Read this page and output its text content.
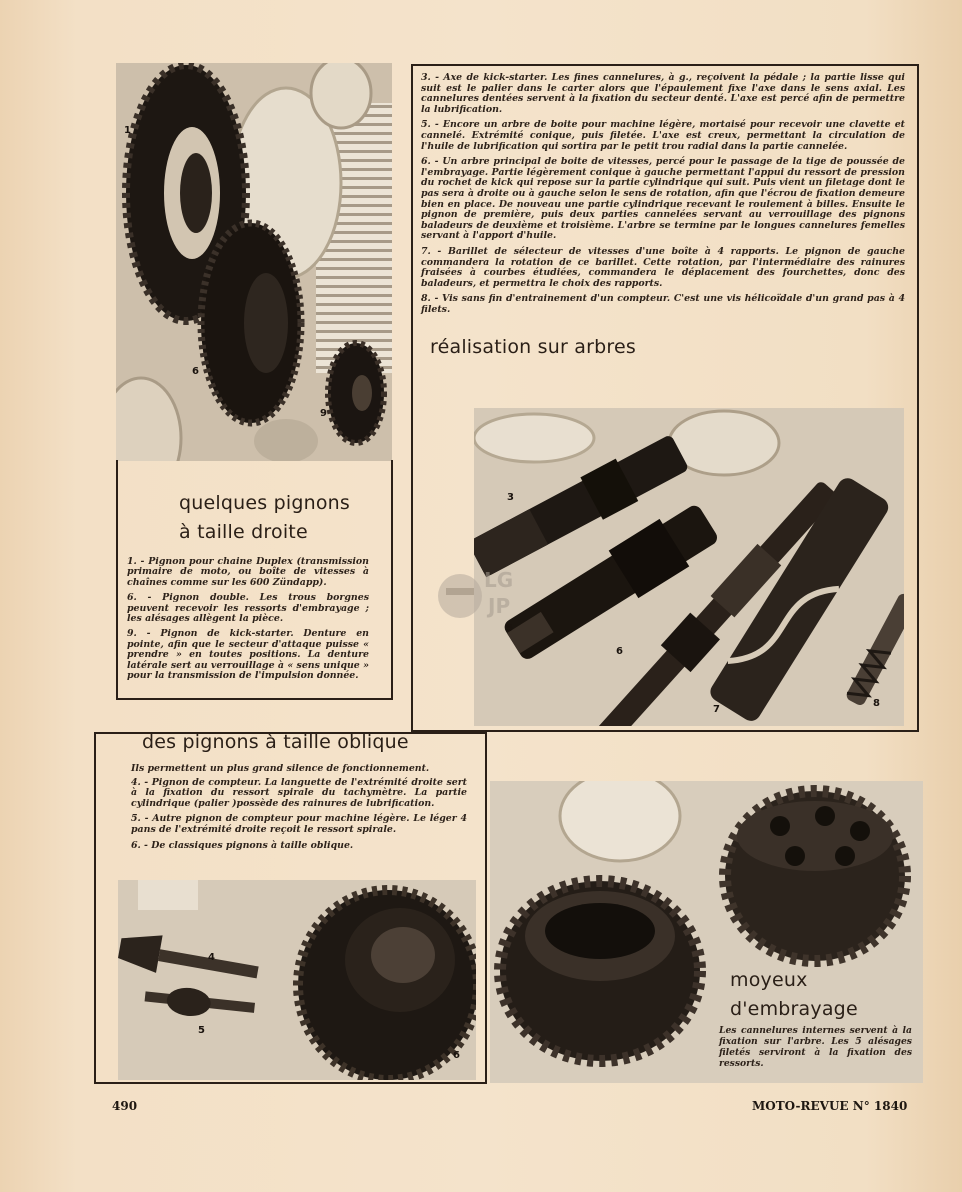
1
6
9
quelques pignons
à taille droite

1. - Pignon pour chaine Duplex (transmission primaire de moto, ou boîte de vitesses à chaînes comme sur les 600 Zündapp).

6. - Pignon double. Les trous borgnes peuvent recevoir les ressorts d'embrayage ; les alésages allègent la pièce.

9. - Pignon de kick-starter. Denture en pointe, afin que le secteur d'attaque puisse « prendre » en toutes positions. La denture latérale sert au verrouillage à « sens unique » pour la transmission de l'impulsion donnée.

3. - Axe de kick-starter. Les fines cannelures, à g., reçoivent la pédale ; la partie lisse qui suit est le palier dans le carter alors que l'épaulement fixe l'axe dans le sens axial. Les cannelures dentées servent à la fixation du secteur denté. L'axe est percé afin de permettre la lubrification.

5. - Encore un arbre de boite pour machine légère, mortaisé pour recevoir une clavette et cannelé. Extrémité conique, puis filetée. L'axe est creux, permettant la circulation de l'huile de lubrification qui sortira par le petit trou radial dans la partie cannelée.

6. - Un arbre principal de boite de vitesses, percé pour le passage de la tige de poussée de l'embrayage. Partie légèrement conique à gauche permettant l'appui du ressort de pression du rochet de kick qui repose sur la partie cylindrique qui suit. Puis vient un filetage dont le pas sera à droite ou à gauche selon le sens de rotation, afin que l'écrou de fixation demeure bien en place. De nouveau une partie cylindrique recevant le roulement à billes. Ensuite le pignon de première, puis deux parties cannelées servant au verrouillage des pignons baladeurs de deuxième et troisième. L'arbre se termine par le longues cannelures femelles servant à l'apport d'huile.

7. - Barillet de sélecteur de vitesses d'une boîte à 4 rapports. Le pignon de gauche commandera la rotation de ce barillet. Cette rotation, par l'intermédiaire des rainures fraisées à courbes étudiées, commandera le déplacement des fourchettes, donc des baladeurs, et permettra le choix des rapports.

8. - Vis sans fin d'entrainement d'un compteur. C'est une vis hélicoïdale d'un grand pas à 4 filets.

réalisation sur arbres
3
5
6
7
8
LG
JP
des pignons à taille oblique

Ils permettent un plus grand silence de fonctionnement.

4. - Pignon de compteur. La languette de l'extrémité droite sert à la fixation du ressort spirale du tachymètre. La partie cylindrique (palier )possède des rainures de lubrification.

5. - Autre pignon de compteur pour machine légère. Le léger 4 pans de l'extrémité droite reçoit le ressort spirale.

6. - De classiques pignons à taille oblique.

4
5
6
moyeux
d'embrayage
Les cannelures internes servent à la fixation sur l'arbre. Les 5 alésages filetés serviront à la fixation des ressorts.
490	MOTO-REVUE N° 1840
